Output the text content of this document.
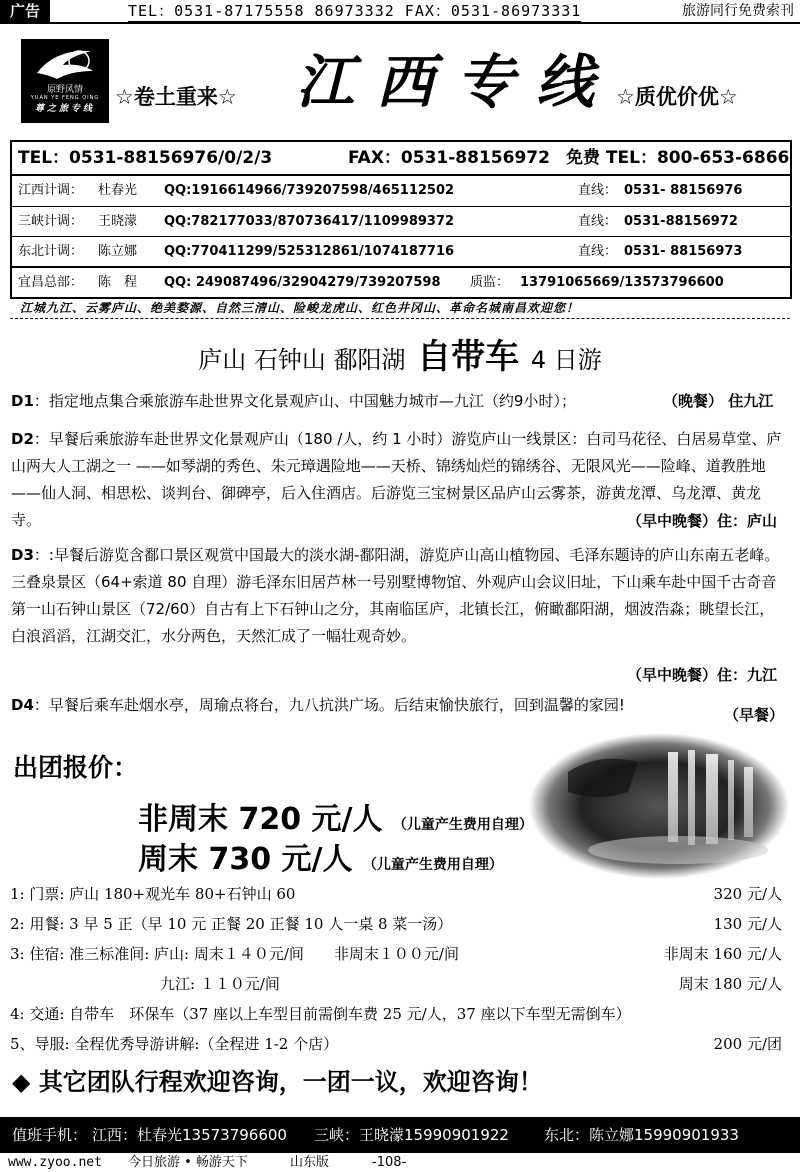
广告	TEL：0531-87175558 86973332 FAX：0531-86973331	旅游同行免费索刊
原野风情
YUAN YE FENG QING
尊之旅专线 ☆卷土重来☆ 江西专线 ☆质优价优☆
TEL：0531-88156976/0/2/3	FAX：0531-88156972 免费 TEL：800-653-6866
江西计调： 杜春光 QQ:1916614966/739207598/465112502	直线： 0531- 88156976
三峡计调： 王晓濛 QQ:782177033/870736417/1109989372	直线： 0531-88156972
东北计调： 陈立娜 QQ:770411299/525312861/1074187716	直线： 0531- 88156973
宜昌总部： 陈　程 QQ: 249087496/32904279/739207598 质监： 13791065669/13573796600
江城九江、云雾庐山、绝美婺源、自然三清山、险峻龙虎山、红色井冈山、革命名城南昌欢迎您！
庐山 石钟山 鄱阳湖 自带车 4 日游
D1：指定地点集合乘旅游车赴世界文化景观庐山、中国魅力城市—九江（约9小时）；	（晚餐） 住九江
D2：早餐后乘旅游车赴世界文化景观庐山（180 /人，约 1 小时）游览庐山一线景区：白司马花径、白居易草堂、庐山两大人工湖之一 ——如琴湖的秀色、朱元璋遇险地——天桥、锦绣灿烂的锦绣谷、无限风光——险峰、道教胜地——仙人洞、相思松、谈判台、御碑亭，后入住酒店。后游览三宝树景区品庐山云雾茶，游黄龙潭、乌龙潭、黄龙寺。	（早中晚餐）住：庐山
D3：:早餐后游览含鄱口景区观赏中国最大的淡水湖-鄱阳湖，游览庐山高山植物园、毛泽东题诗的庐山东南五老峰。三叠泉景区（64+索道 80 自理）游毛泽东旧居芦林一号别墅博物馆、外观庐山会议旧址，下山乘车赴中国千古奇音第一山石钟山景区（72/60）自古有上下石钟山之分，其南临匡庐，北镇长江，俯瞰鄱阳湖，烟波浩淼；眺望长江，白浪滔滔，江湖交汇，水分两色，天然汇成了一幅壮观奇妙。
（早中晚餐）住：九江
D4：早餐后乘车赴烟水亭，周瑜点将台，九八抗洪广场。后结束愉快旅行，回到温馨的家园!
（早餐）
出团报价：
非周末 720 元/人 （儿童产生费用自理）
周末 730 元/人 （儿童产生费用自理）
1: 门票: 庐山 180+观光车 80+石钟山 60	320 元/人
2: 用餐: 3 早 5 正（早 10 元 正餐 20 正餐 10 人一桌 8 菜一汤）	130 元/人
3: 住宿: 准三标准间: 庐山: 周末１４０元/间　　非周末１００元/间	非周末 160 元/人
　　　　　　　　　　九江: １１０元/间	周末 180 元/人
4: 交通: 自带车　环保车（37 座以上车型目前需倒车费 25 元/人，37 座以下车型无需倒车）
5、导服: 全程优秀导游讲解:（全程进 1-2 个店）	200 元/团
◆ 其它团队行程欢迎咨询，一团一议，欢迎咨询！
值班手机： 江西：杜春光13573796600 三峡：王晓濛15990901922 东北：陈立娜15990901933
www.zyoo.net 今日旅游 • 畅游天下	山东版	-108-
